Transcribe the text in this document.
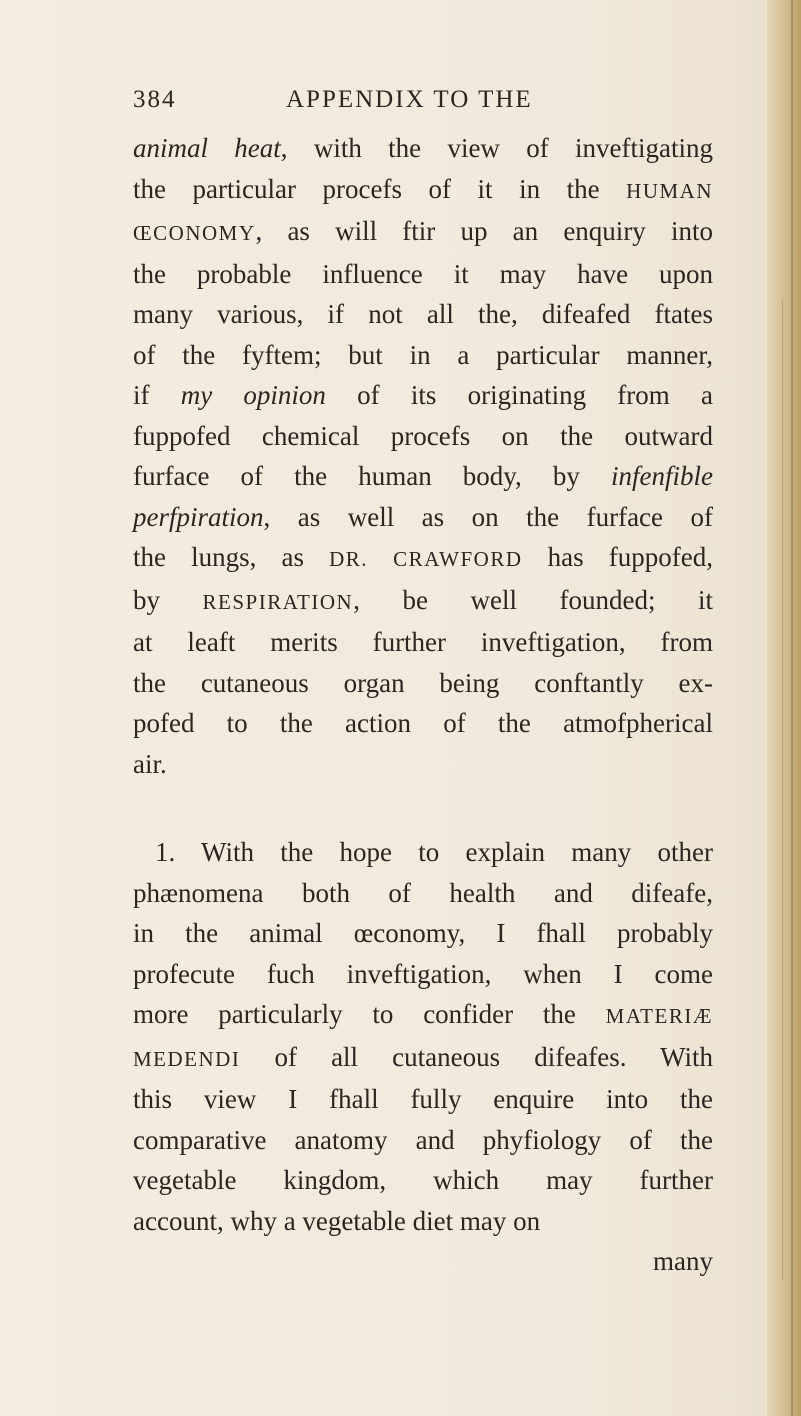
384	APPENDIX TO THE
animal heat, with the view of inveftigating
the particular procefs of it in the HUMAN
ŒCONOMY, as will ftir up an enquiry into
the probable influence it may have upon
many various, if not all the, difeafed ftates
of the fyftem; but in a particular manner,
if my opinion of its originating from a
fuppofed chemical procefs on the outward
furface of the human body, by infenfible
perfpiration, as well as on the furface of
the lungs, as DR. CRAWFORD has fuppofed,
by RESPIRATION, be well founded; it
at leaft merits further inveftigation, from
the cutaneous organ being conftantly ex-
pofed to the action of the atmofpherical
air.
1. With the hope to explain many other
phænomena both of health and difeafe,
in the animal œconomy, I fhall probably
profecute fuch inveftigation, when I come
more particularly to confider the MATERIÆ
MEDENDI of all cutaneous difeafes. With
this view I fhall fully enquire into the
comparative anatomy and phyfiology of the
vegetable kingdom, which may further
account, why a vegetable diet may on
many
